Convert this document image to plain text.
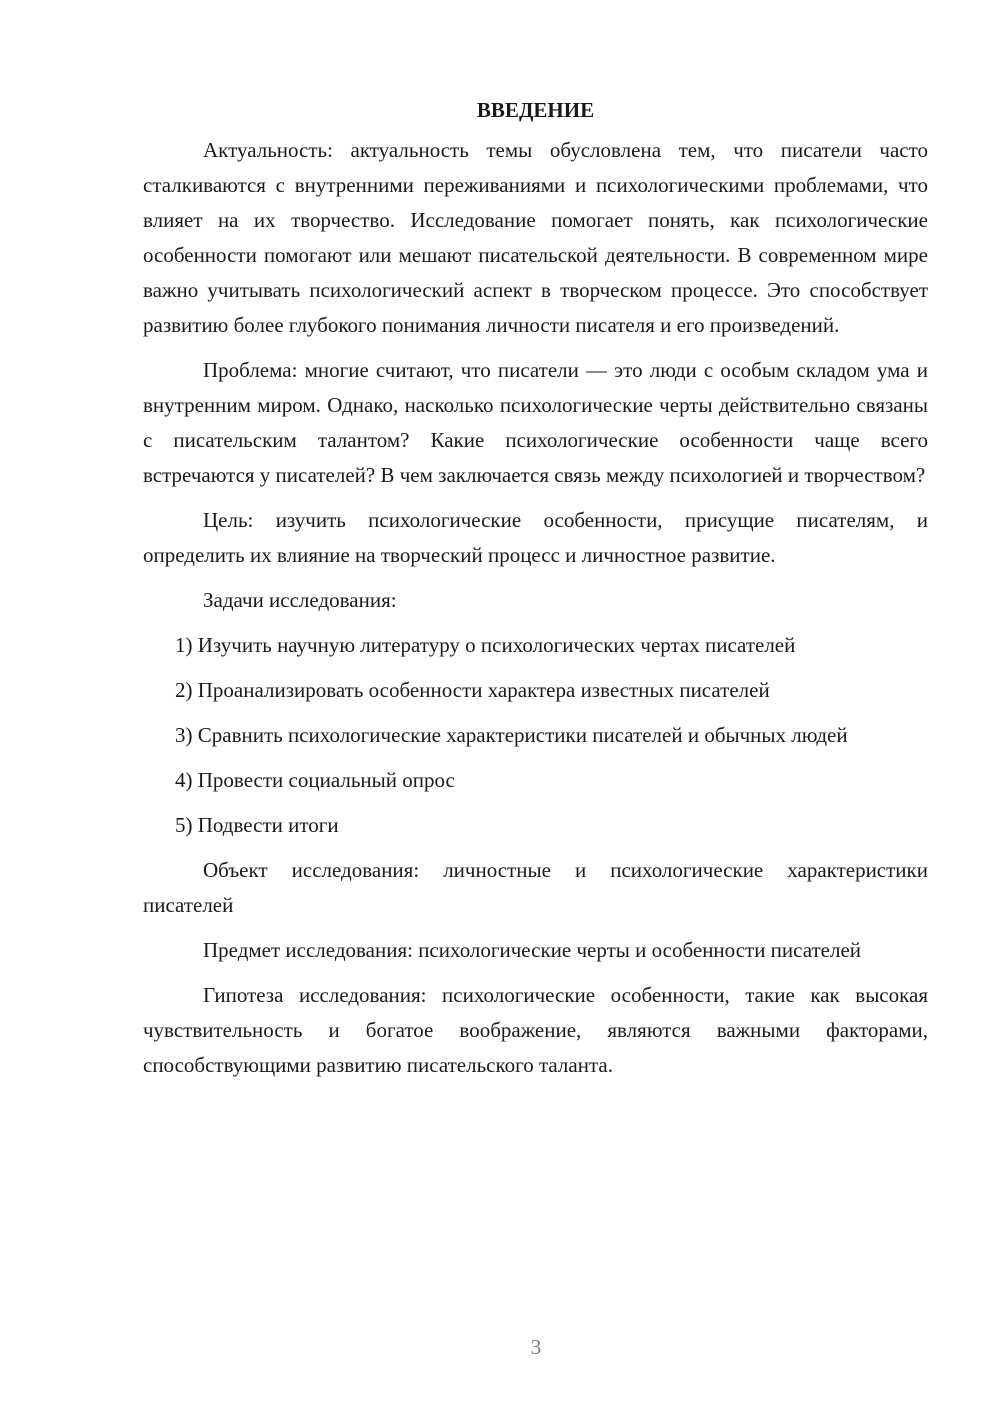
ВВЕДЕНИЕ

Актуальность: актуальность темы обусловлена тем, что писатели часто сталкиваются с внутренними переживаниями и психологическими проблемами, что влияет на их творчество. Исследование помогает понять, как психологические особенности помогают или мешают писательской деятельности. В современном мире важно учитывать психологический аспект в творческом процессе. Это способствует развитию более глубокого понимания личности писателя и его произведений.

Проблема: многие считают, что писатели — это люди с особым складом ума и внутренним миром. Однако, насколько психологические черты действительно связаны с писательским талантом? Какие психологические особенности чаще всего встречаются у писателей? В чем заключается связь между психологией и творчеством?

Цель: изучить психологические особенности, присущие писателям, и определить их влияние на творческий процесс и личностное развитие.

Задачи исследования:

1) Изучить научную литературу о психологических чертах писателей

2) Проанализировать особенности характера известных писателей

3) Сравнить психологические характеристики писателей и обычных людей

4) Провести социальный опрос

5) Подвести итоги

Объект исследования: личностные и психологические характеристики писателей

Предмет исследования: психологические черты и особенности писателей

Гипотеза исследования: психологические особенности, такие как высокая чувствительность и богатое воображение, являются важными факторами, способствующими развитию писательского таланта.

3
